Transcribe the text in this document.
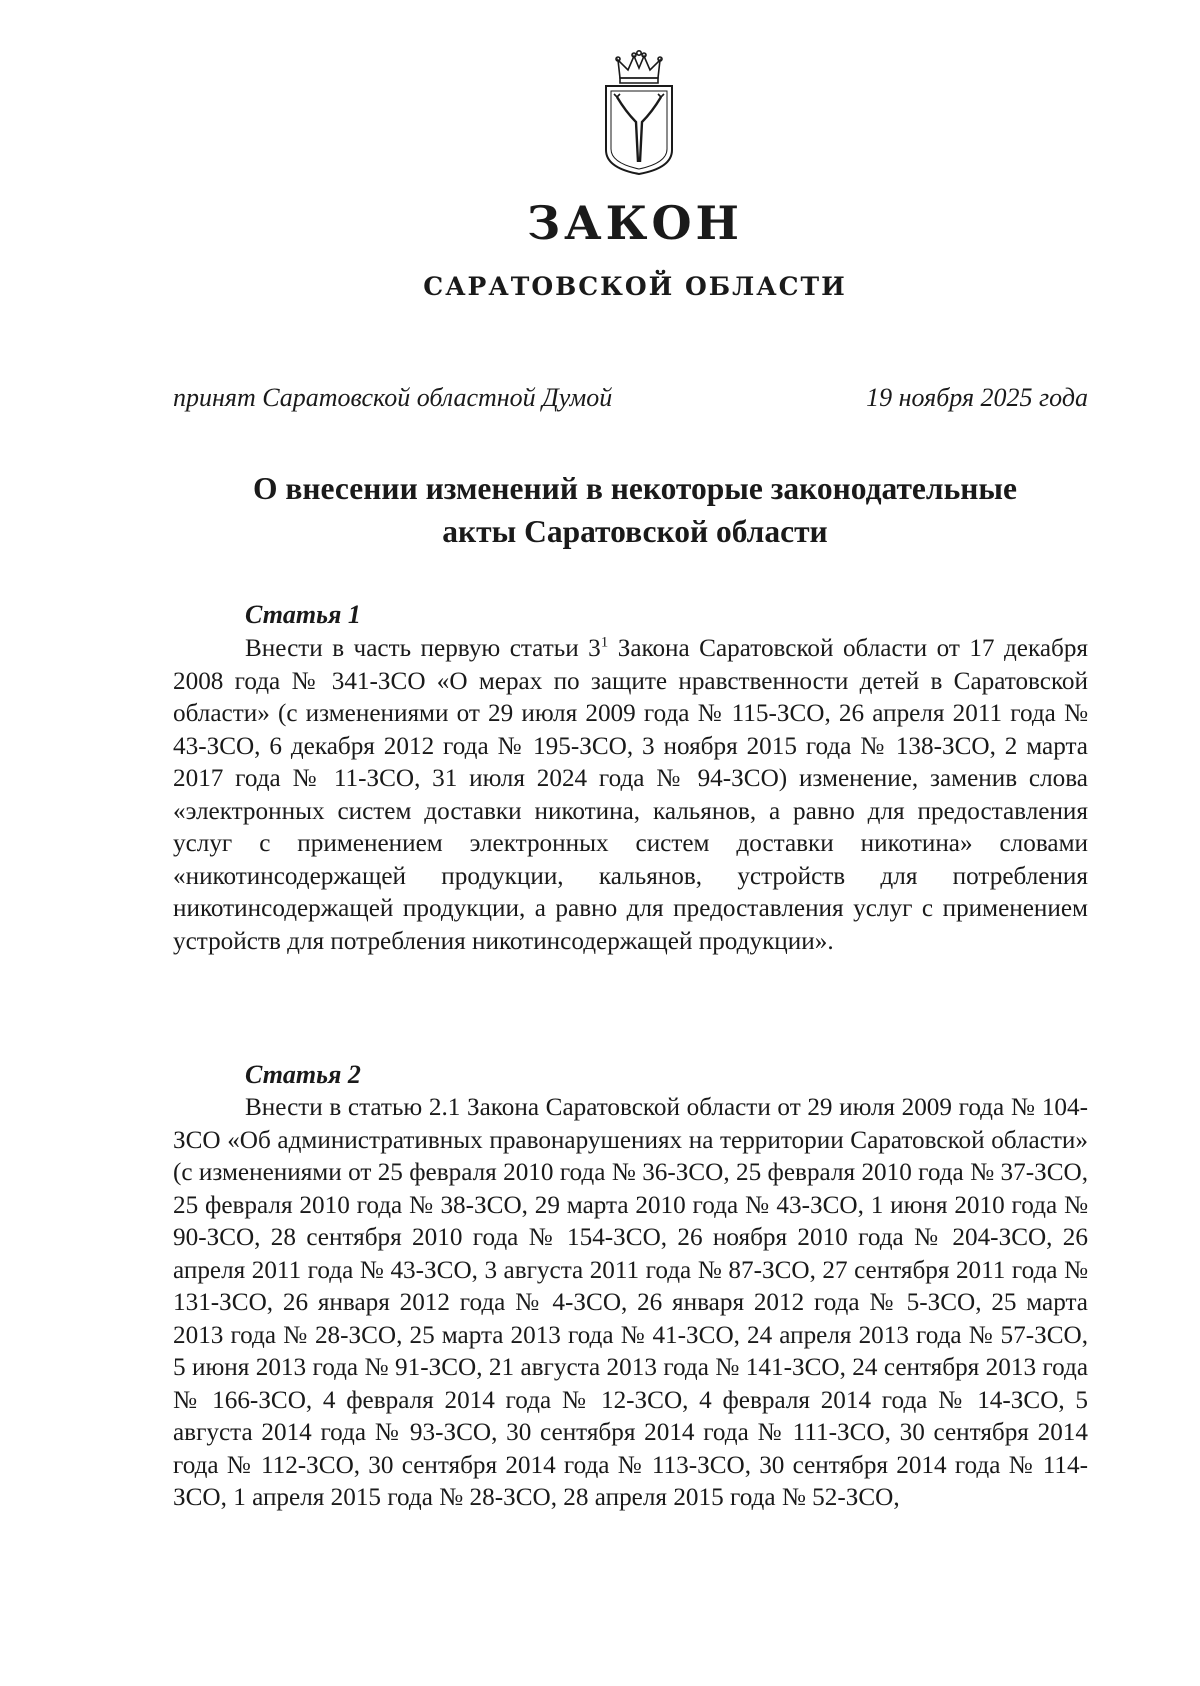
ЗАКОН
САРАТОВСКОЙ ОБЛАСТИ
принят Саратовской областной Думой	19 ноября 2025 года
О внесении изменений в некоторые законодательные
акты Саратовской области
Статья 1

Внести в часть первую статьи $3^1$ Закона Саратовской области от 17 декабря 2008 года № 341-ЗСО «О мерах по защите нравственности детей в Саратовской области» (с изменениями от 29 июля 2009 года № 115-ЗСО, 26 апреля 2011 года № 43-ЗСО, 6 декабря 2012 года № 195-ЗСО, 3 ноября 2015 года № 138-ЗСО, 2 марта 2017 года № 11-ЗСО, 31 июля 2024 года № 94-ЗСО) изменение, заменив слова «электронных систем доставки никотина, кальянов, а равно для предоставления услуг с применением электронных систем доставки никотина» словами «никотинсодержащей продукции, кальянов, устройств для потребления никотинсодержащей продукции, а равно для предоставления услуг с применением устройств для потребления никотинсодержащей продукции».

Статья 2

Внести в статью 2.1 Закона Саратовской области от 29 июля 2009 года № 104-ЗСО «Об административных правонарушениях на территории Саратовской области» (с изменениями от 25 февраля 2010 года № 36-ЗСО, 25 февраля 2010 года № 37-ЗСО, 25 февраля 2010 года № 38-ЗСО, 29 марта 2010 года № 43-ЗСО, 1 июня 2010 года № 90-ЗСО, 28 сентября 2010 года № 154-ЗСО, 26 ноября 2010 года № 204-ЗСО, 26 апреля 2011 года № 43-ЗСО, 3 августа 2011 года № 87-ЗСО, 27 сентября 2011 года № 131-ЗСО, 26 января 2012 года № 4-ЗСО, 26 января 2012 года № 5-ЗСО, 25 марта 2013 года № 28-ЗСО, 25 марта 2013 года № 41-ЗСО, 24 апреля 2013 года № 57-ЗСО, 5 июня 2013 года № 91-ЗСО, 21 августа 2013 года № 141-ЗСО, 24 сентября 2013 года № 166-ЗСО, 4 февраля 2014 года № 12-ЗСО, 4 февраля 2014 года № 14-ЗСО, 5 августа 2014 года № 93-ЗСО, 30 сентября 2014 года № 111-ЗСО, 30 сентября 2014 года № 112-ЗСО, 30 сентября 2014 года № 113-ЗСО, 30 сентября 2014 года № 114-ЗСО, 1 апреля 2015 года № 28-ЗСО, 28 апреля 2015 года № 52-ЗСО,
